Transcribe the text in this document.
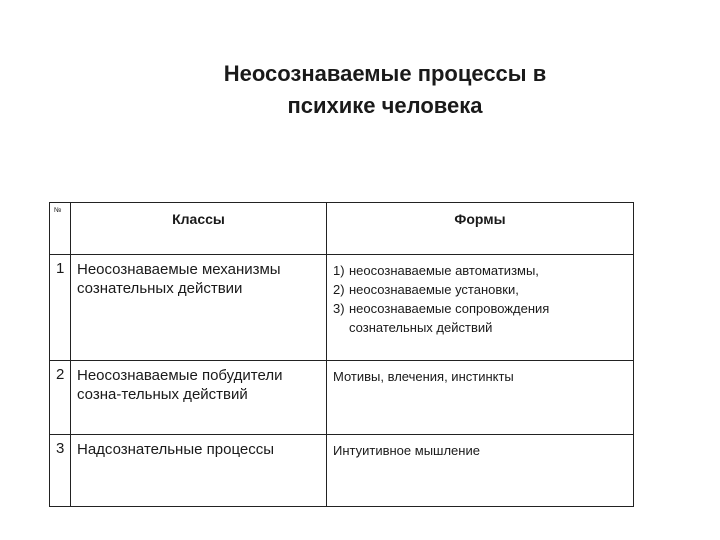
Неосознаваемые процессы в
психике человека
№	Классы	Формы
1	Неосознаваемые механизмы сознательных действии	1) неосознаваемые автоматизмы,
2) неосознаваемые установки,
3) неосознаваемые сопровождения
сознательных действий

2	Неосознаваемые побудители созна-тельных действий	Мотивы, влечения, инстинкты
3	Надсознательные процессы	Интуитивное мышление
